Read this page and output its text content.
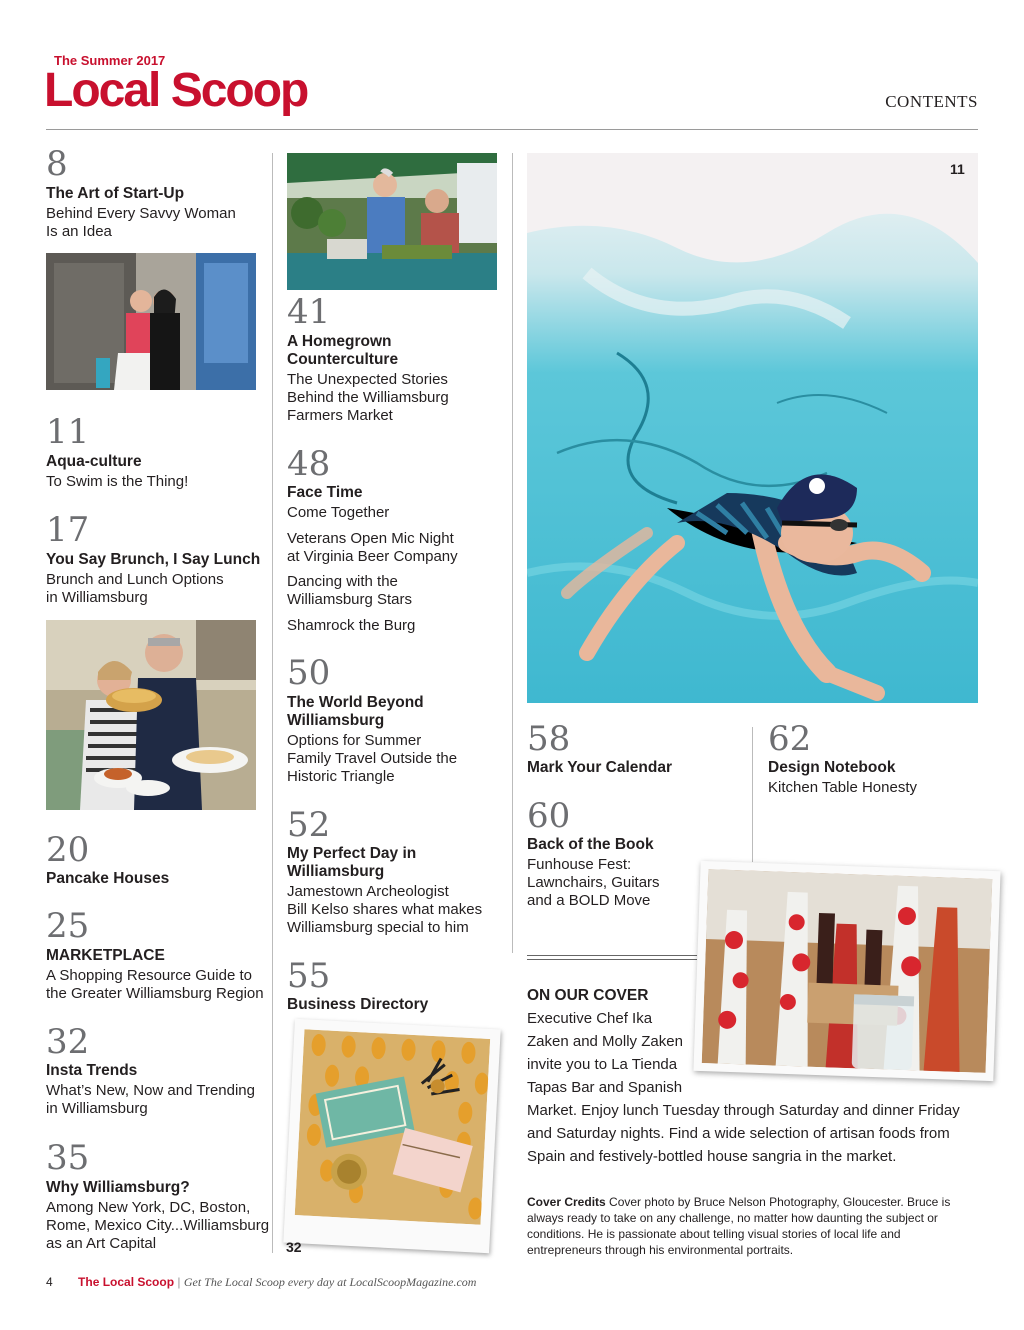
The Summer 2017
Local Scoop	CONTENTS
8
The Art of Start-Up
Behind Every Savvy Woman
Is an Idea
11
Aqua-culture
To Swim is the Thing!
17
You Say Brunch, I Say Lunch
Brunch and Lunch Options
in Williamsburg
20
Pancake Houses
25
MARKETPLACE
A Shopping Resource Guide to
the Greater Williamsburg Region
32
Insta Trends
What’s New, Now and Trending
in Williamsburg
35
Why Williamsburg?
Among New York, DC, Boston,
Rome, Mexico City...Williamsburg
as an Art Capital
41
A Homegrown
Counterculture
The Unexpected Stories
Behind the Williamsburg
Farmers Market
48
Face Time
Come Together
Veterans Open Mic Night
at Virginia Beer Company
Dancing with the
Williamsburg Stars
Shamrock the Burg
50
The World Beyond
Williamsburg
Options for Summer
Family Travel Outside the
Historic Triangle
52
My Perfect Day in
Williamsburg
Jamestown Archeologist
Bill Kelso shares what makes
Williamsburg special to him
55
Business Directory
32
11
58
Mark Your Calendar
62
Design Notebook
Kitchen Table Honesty
60
Back of the Book
Funhouse Fest:
Lawnchairs, Guitars
and a BOLD Move
ON OUR COVER
Executive Chef Ika
Zaken and Molly Zaken
invite you to La Tienda
Tapas Bar and Spanish
Market. Enjoy lunch Tuesday through Saturday and dinner Friday
and Saturday nights. Find a wide selection of artisan foods from
Spain and festively-bottled house sangria in the market.
Cover Credits Cover photo by Bruce Nelson Photography, Gloucester. Bruce is always ready to take on any challenge, no matter how daunting the subject or conditions. He is passionate about telling visual stories of local life and entrepreneurs through his environmental portraits.
4 The Local Scoop | Get The Local Scoop every day at LocalScoopMagazine.com
